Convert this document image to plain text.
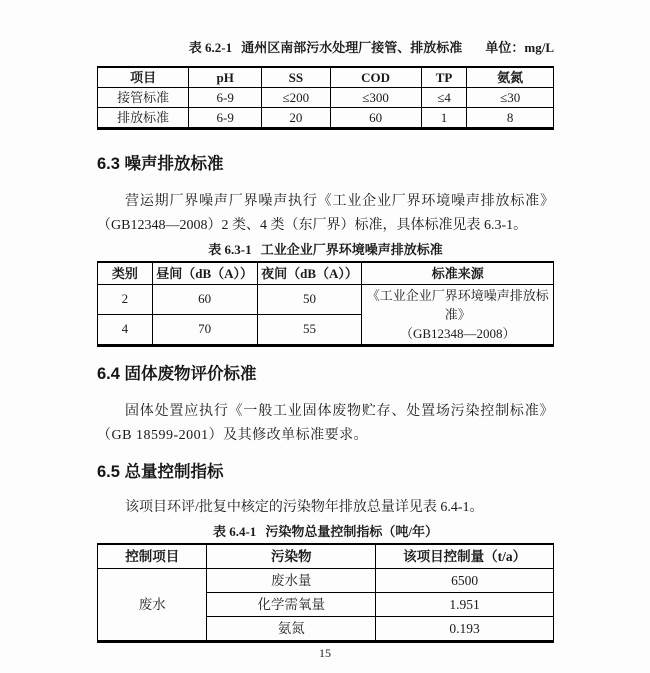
表 6.2-1 通州区南部污水处理厂接管、排放标准 单位：mg/L
项目	pH	SS	COD	TP	氨氮
接管标准	6-9	≤200	≤300	≤4	≤30
排放标准	6-9	20	60	1	8
6.3 噪声排放标准

营运期厂界噪声厂界噪声执行《工业企业厂界环境噪声排放标准》（GB12348—2008）2 类、4 类（东厂界）标准，具体标准见表 6.3-1。

表 6.3-1 工业企业厂界环境噪声排放标准
类别	昼间（dB（A））	夜间（dB（A））	标准来源
2	60	50	《工业企业厂界环境噪声排放标准》
（GB12348—2008）

4	70	55	
6.4 固体废物评价标准

固体处置应执行《一般工业固体废物贮存、处置场污染控制标准》（GB 18599-2001）及其修改单标准要求。

6.5 总量控制指标

该项目环评/批复中核定的污染物年排放总量详见表 6.4-1。

表 6.4-1 污染物总量控制指标（吨/年）
控制项目	污染物	该项目控制量（t/a）
废水	废水量	6500
	化学需氧量	1.951
	氨氮	0.193
15
